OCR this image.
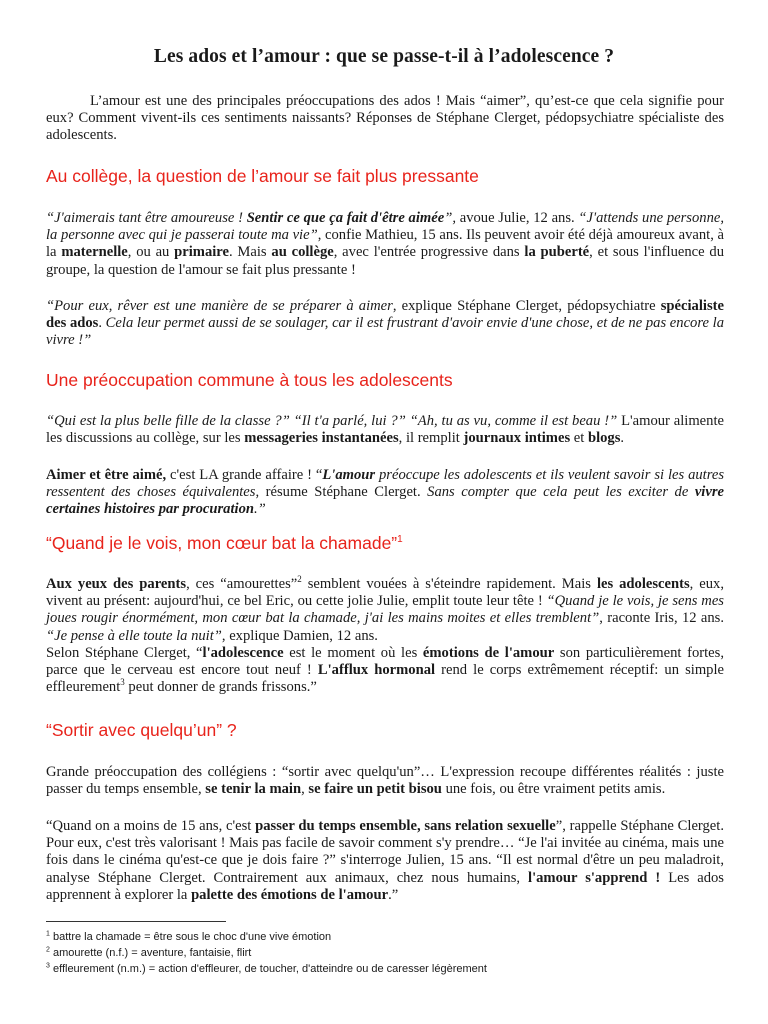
Les ados et l’amour : que se passe-t-il à l’adolescence ?

L’amour est une des principales préoccupations des ados ! Mais “aimer”, qu’est-ce que cela signifie pour eux? Comment vivent-ils ces sentiments naissants? Réponses de Stéphane Clerget, pédopsychiatre spécialiste des adolescents.

Au collège, la question de l’amour se fait plus pressante

“J'aimerais tant être amoureuse ! Sentir ce que ça fait d'être aimée”, avoue Julie, 12 ans. “J'attends une personne, la personne avec qui je passerai toute ma vie”, confie Mathieu, 15 ans. Ils peuvent avoir été déjà amoureux avant, à la maternelle, ou au primaire. Mais au collège, avec l'entrée progressive dans la puberté, et sous l'influence du groupe, la question de l'amour se fait plus pressante !

“Pour eux, rêver est une manière de se préparer à aimer, explique Stéphane Clerget, pédopsychiatre spécialiste des ados. Cela leur permet aussi de se soulager, car il est frustrant d'avoir envie d'une chose, et de ne pas encore la vivre !”

Une préoccupation commune à tous les adolescents

“Qui est la plus belle fille de la classe ?” “Il t'a parlé, lui ?” “Ah, tu as vu, comme il est beau !” L'amour alimente les discussions au collège, sur les messageries instantanées, il remplit journaux intimes et blogs.

Aimer et être aimé, c'est LA grande affaire ! “L'amour préoccupe les adolescents et ils veulent savoir si les autres ressentent des choses équivalentes, résume Stéphane Clerget. Sans compter que cela peut les exciter de vivre certaines histoires par procuration.”

“Quand je le vois, mon cœur bat la chamade”$^1$

Aux yeux des parents, ces “amourettes”$^2$ semblent vouées à s'éteindre rapidement. Mais les adolescents, eux, vivent au présent: aujourd'hui, ce bel Eric, ou cette jolie Julie, emplit toute leur tête ! “Quand je le vois, je sens mes joues rougir énormément, mon cœur bat la chamade, j'ai les mains moites et elles tremblent”, raconte Iris, 12 ans. “Je pense à elle toute la nuit”, explique Damien, 12 ans.

Selon Stéphane Clerget, “l'adolescence est le moment où les émotions de l'amour son particulièrement fortes, parce que le cerveau est encore tout neuf ! L'afflux hormonal rend le corps extrêmement réceptif: un simple effleurement$^3$ peut donner de grands frissons.”

“Sortir avec quelqu’un” ?

Grande préoccupation des collégiens : “sortir avec quelqu'un”… L'expression recoupe différentes réalités : juste passer du temps ensemble, se tenir la main, se faire un petit bisou une fois, ou être vraiment petits amis.

“Quand on a moins de 15 ans, c'est passer du temps ensemble, sans relation sexuelle”, rappelle Stéphane Clerget. Pour eux, c'est très valorisant ! Mais pas facile de savoir comment s'y prendre… “Je l'ai invitée au cinéma, mais une fois dans le cinéma qu'est-ce que je dois faire ?” s'interroge Julien, 15 ans. “Il est normal d'être un peu maladroit, analyse Stéphane Clerget. Contrairement aux animaux, chez nous humains, l'amour s'apprend ! Les ados apprennent à explorer la palette des émotions de l'amour.”

$^1$ battre la chamade = être sous le choc d'une vive émotion
$^2$ amourette (n.f.) = aventure, fantaisie, flirt
$^3$ effleurement (n.m.) = action d'effleurer, de toucher, d'atteindre ou de caresser légèrement
